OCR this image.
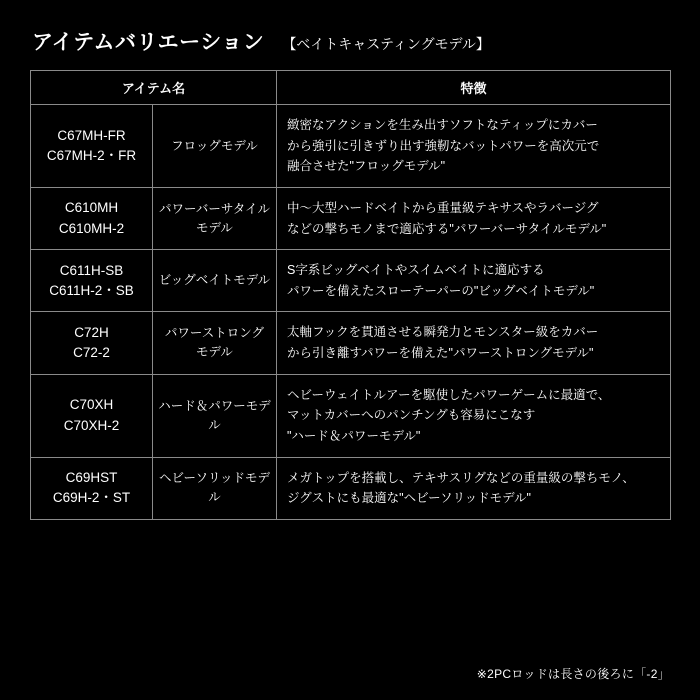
アイテムバリエーション 【ベイトキャスティングモデル】
アイテム名		特徴

C67MH-FR
C67MH-2・FR	フロッグモデル	緻密なアクションを生み出すソフトなティップにカバー
から強引に引きずり出す強靭なバットパワーを高次元で
融合させた"フロッグモデル"

C610MH
C610MH-2	パワーバーサタイル
モデル	中〜大型ハードベイトから重量級テキサスやラバージグ
などの撃ちモノまで適応する"パワーバーサタイルモデル"

C611H-SB
C611H-2・SB	ビッグベイトモデル	S字系ビッグベイトやスイムベイトに適応する
パワーを備えたスローテーパーの"ビッグベイトモデル"

C72H
C72-2	パワーストロング
モデル	太軸フックを貫通させる瞬発力とモンスター級をカバー
から引き離すパワーを備えた"パワーストロングモデル"

C70XH
C70XH-2	ハード＆パワーモデル	ヘビーウェイトルアーを駆使したパワーゲームに最適で、
マットカバーへのパンチングも容易にこなす
"ハード＆パワーモデル"

C69HST
C69H-2・ST	ヘビーソリッドモデル	メガトップを搭載し、テキサスリグなどの重量級の撃ちモノ、
ジグストにも最適な"ヘビーソリッドモデル"
※2PCロッドは長さの後ろに「-2」
